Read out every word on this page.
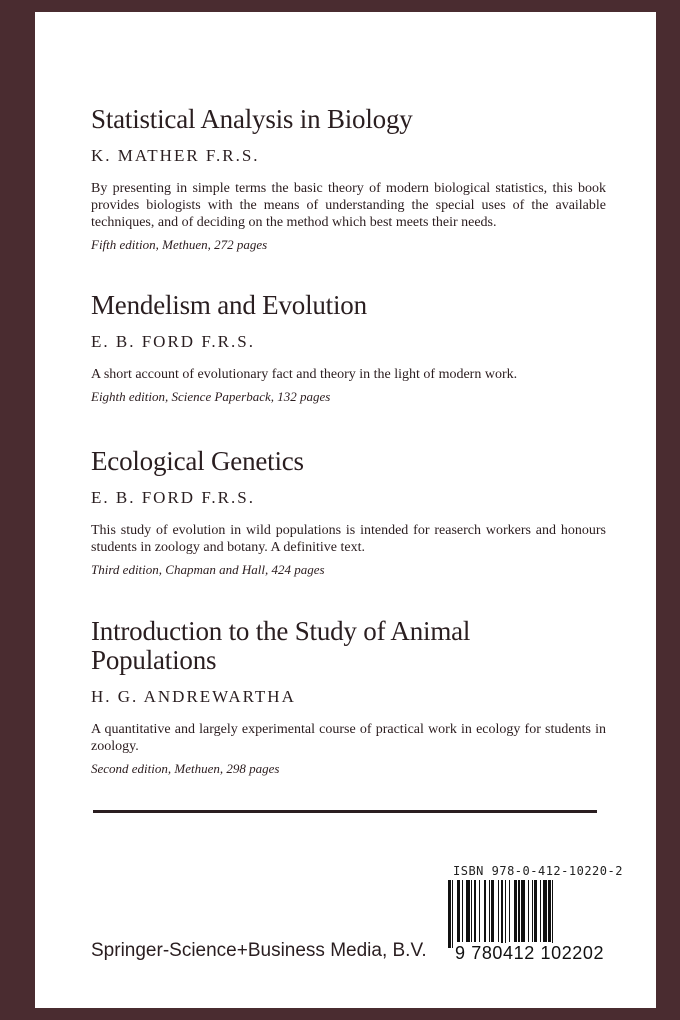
Statistical Analysis in Biology
K. MATHER F.R.S.
By presenting in simple terms the basic theory of modern biological statistics, this book provides biologists with the means of understanding the special uses of the available techniques, and of deciding on the method which best meets their needs.
Fifth edition, Methuen, 272 pages
Mendelism and Evolution
E. B. FORD F.R.S.
A short account of evolutionary fact and theory in the light of modern work.
Eighth edition, Science Paperback, 132 pages
Ecological Genetics
E. B. FORD F.R.S.
This study of evolution in wild populations is intended for reaserch workers and honours students in zoology and botany. A definitive text.
Third edition, Chapman and Hall, 424 pages
Introduction to the Study of Animal Populations
H. G. ANDREWARTHA
A quantitative and largely experimental course of practical work in ecology for students in zoology.
Second edition, Methuen, 298 pages
ISBN 978-0-412-10220-2
9 780412 102202
Springer-Science+Business Media, B.V.
